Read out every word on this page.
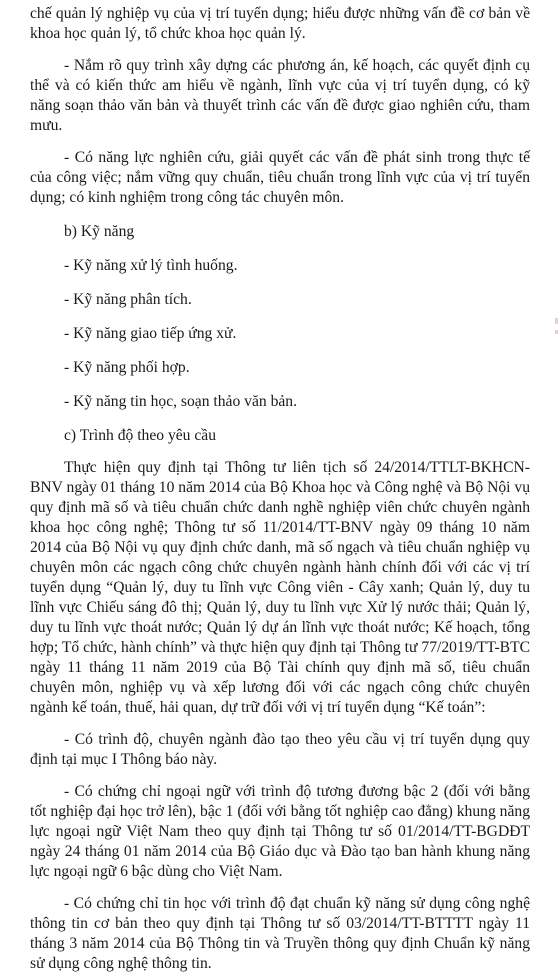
chế quản lý nghiệp vụ của vị trí tuyển dụng; hiểu được những vấn đề cơ bản về khoa học quản lý, tổ chức khoa học quản lý.

- Nắm rõ quy trình xây dựng các phương án, kế hoạch, các quyết định cụ thể và có kiến thức am hiểu về ngành, lĩnh vực của vị trí tuyển dụng, có kỹ năng soạn thảo văn bản và thuyết trình các vấn đề được giao nghiên cứu, tham mưu.

- Có năng lực nghiên cứu, giải quyết các vấn đề phát sinh trong thực tế của công việc; nắm vững quy chuẩn, tiêu chuẩn trong lĩnh vực của vị trí tuyển dụng; có kinh nghiệm trong công tác chuyên môn.

b) Kỹ năng

- Kỹ năng xử lý tình huống.

- Kỹ năng phân tích.

- Kỹ năng giao tiếp ứng xử.

- Kỹ năng phối hợp.

- Kỹ năng tin học, soạn thảo văn bản.

c) Trình độ theo yêu cầu

Thực hiện quy định tại Thông tư liên tịch số 24/2014/TTLT-BKHCN-BNV ngày 01 tháng 10 năm 2014 của Bộ Khoa học và Công nghệ và Bộ Nội vụ quy định mã số và tiêu chuẩn chức danh nghề nghiệp viên chức chuyên ngành khoa học công nghệ; Thông tư số 11/2014/TT-BNV ngày 09 tháng 10 năm 2014 của Bộ Nội vụ quy định chức danh, mã số ngạch và tiêu chuẩn nghiệp vụ chuyên môn các ngạch công chức chuyên ngành hành chính đối với các vị trí tuyển dụng “Quản lý, duy tu lĩnh vực Công viên - Cây xanh; Quản lý, duy tu lĩnh vực Chiếu sáng đô thị; Quản lý, duy tu lĩnh vực Xử lý nước thải; Quản lý, duy tu lĩnh vực thoát nước; Quản lý dự án lĩnh vực thoát nước; Kế hoạch, tổng hợp; Tổ chức, hành chính” và thực hiện quy định tại Thông tư 77/2019/TT-BTC ngày 11 tháng 11 năm 2019 của Bộ Tài chính quy định mã số, tiêu chuẩn chuyên môn, nghiệp vụ và xếp lương đối với các ngạch công chức chuyên ngành kế toán, thuế, hải quan, dự trữ đối với vị trí tuyển dụng “Kế toán”:

- Có trình độ, chuyên ngành đào tạo theo yêu cầu vị trí tuyển dụng quy định tại mục I Thông báo này.

- Có chứng chỉ ngoại ngữ với trình độ tương đương bậc 2 (đối với bằng tốt nghiệp đại học trở lên), bậc 1 (đối với bằng tốt nghiệp cao đẳng) khung năng lực ngoại ngữ Việt Nam theo quy định tại Thông tư số 01/2014/TT-BGDĐT ngày 24 tháng 01 năm 2014 của Bộ Giáo dục và Đào tạo ban hành khung năng lực ngoại ngữ 6 bậc dùng cho Việt Nam.

- Có chứng chỉ tin học với trình độ đạt chuẩn kỹ năng sử dụng công nghệ thông tin cơ bản theo quy định tại Thông tư số 03/2014/TT-BTTTT ngày 11 tháng 3 năm 2014 của Bộ Thông tin và Truyền thông quy định Chuẩn kỹ năng sử dụng công nghệ thông tin.
